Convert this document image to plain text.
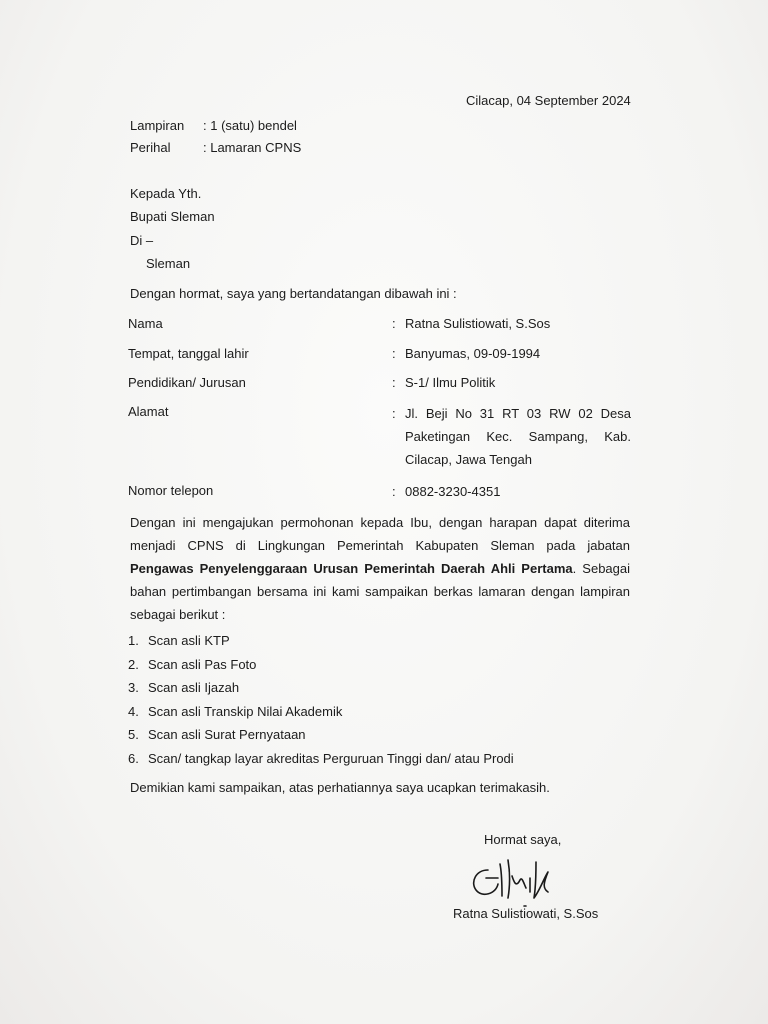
Cilacap, 04 September 2024
Lampiran : 1 (satu) bendel
Perihal	: Lamaran CPNS
Kepada Yth.
Bupati Sleman
Di –
Sleman
Dengan hormat, saya yang bertandatangan dibawah ini :
Nama	: Ratna Sulistiowati, S.Sos
Tempat, tanggal lahir	: Banyumas, 09-09-1994
Pendidikan/ Jurusan	: S-1/ Ilmu Politik
Alamat	: Jl. Beji No 31 RT 03 RW 02 Desa Paketingan Kec. Sampang, Kab. Cilacap, Jawa Tengah
Nomor telepon	: 0882-3230-4351
Dengan ini mengajukan permohonan kepada Ibu, dengan harapan dapat diterima menjadi CPNS di Lingkungan Pemerintah Kabupaten Sleman pada jabatan Pengawas Penyelenggaraan Urusan Pemerintah Daerah Ahli Pertama. Sebagai bahan pertimbangan bersama ini kami sampaikan berkas lamaran dengan lampiran sebagai berikut :
1. Scan asli KTP
2. Scan asli Pas Foto
3. Scan asli Ijazah
4. Scan asli Transkip Nilai Akademik
5. Scan asli Surat Pernyataan
6. Scan/ tangkap layar akreditas Perguruan Tinggi dan/ atau Prodi
Demikian kami sampaikan, atas perhatiannya saya ucapkan terimakasih.
Hormat saya,
Ratna Sulistiowati, S.Sos
